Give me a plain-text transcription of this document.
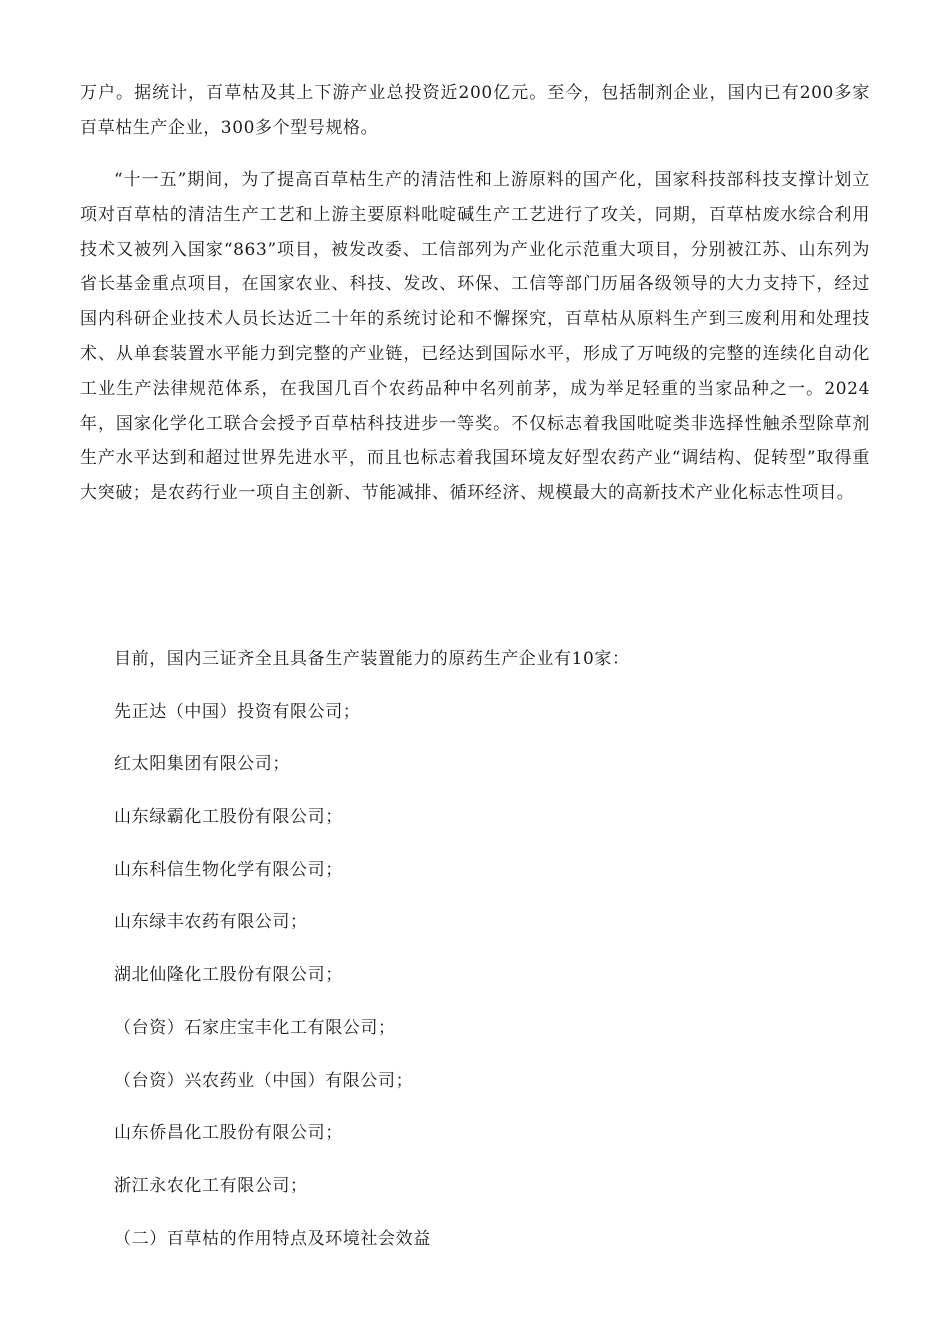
万户。据统计，百草枯及其上下游产业总投资近200亿元。至今，包括制剂企业，国内已有200多家百草枯生产企业，300多个型号规格。

“十一五”期间，为了提高百草枯生产的清洁性和上游原料的国产化，国家科技部科技支撑计划立项对百草枯的清洁生产工艺和上游主要原料吡啶碱生产工艺进行了攻关，同期，百草枯废水综合利用技术又被列入国家“863”项目，被发改委、工信部列为产业化示范重大项目，分别被江苏、山东列为省长基金重点项目，在国家农业、科技、发改、环保、工信等部门历届各级领导的大力支持下，经过国内科研企业技术人员长达近二十年的系统讨论和不懈探究，百草枯从原料生产到三废利用和处理技术、从单套装置水平能力到完整的产业链，已经达到国际水平，形成了万吨级的完整的连续化自动化工业生产法律规范体系，在我国几百个农药品种中名列前茅，成为举足轻重的当家品种之一。2024年，国家化学化工联合会授予百草枯科技进步一等奖。不仅标志着我国吡啶类非选择性触杀型除草剂生产水平达到和超过世界先进水平，而且也标志着我国环境友好型农药产业“调结构、促转型”取得重大突破；是农药行业一项自主创新、节能减排、循环经济、规模最大的高新技术产业化标志性项目。

目前，国内三证齐全且具备生产装置能力的原药生产企业有10家：
先正达（中国）投资有限公司；
红太阳集团有限公司；
山东绿霸化工股份有限公司；
山东科信生物化学有限公司；
山东绿丰农药有限公司；
湖北仙隆化工股份有限公司；
（台资）石家庄宝丰化工有限公司；
（台资）兴农药业（中国）有限公司；
山东侨昌化工股份有限公司；
浙江永农化工有限公司；
（二）百草枯的作用特点及环境社会效益
